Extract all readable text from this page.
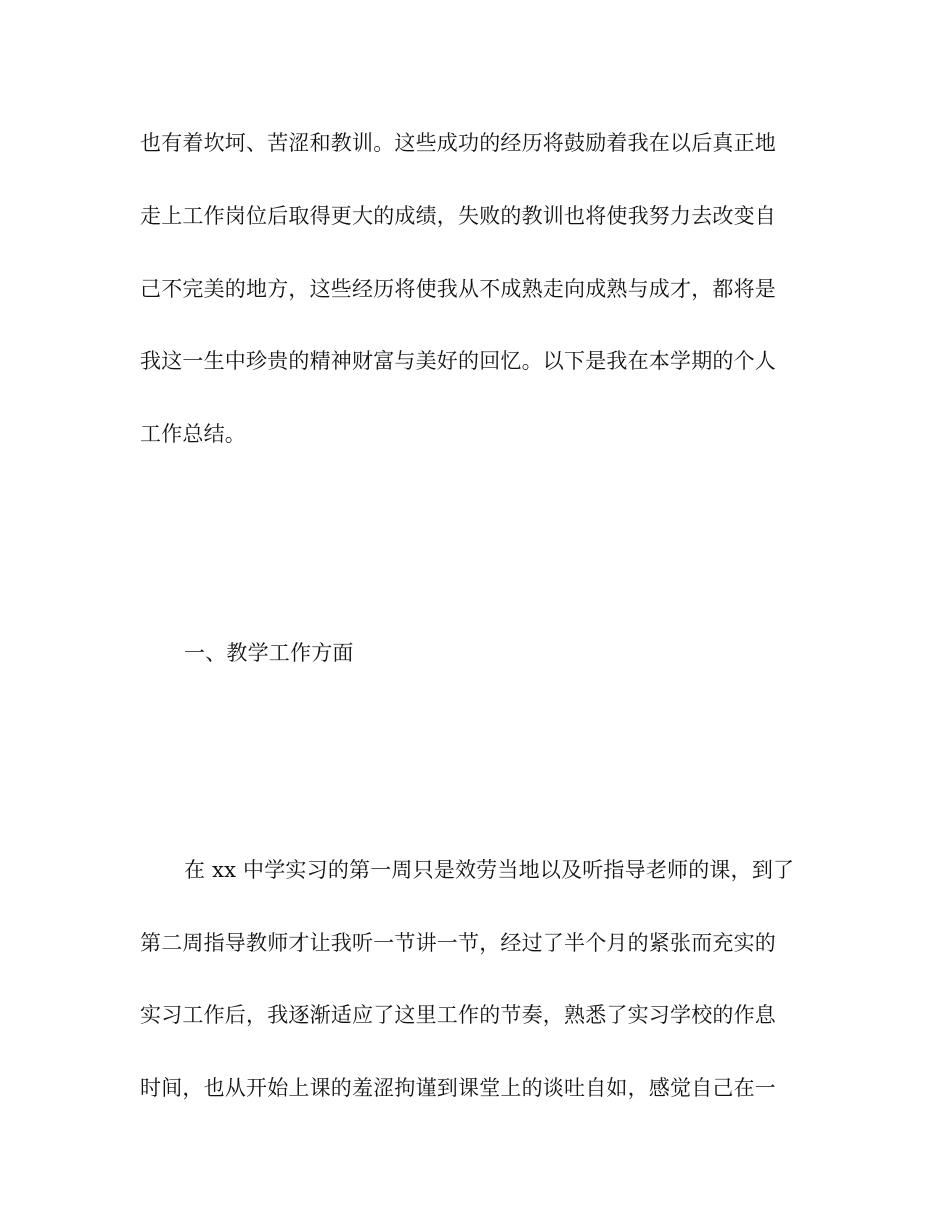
也有着坎坷、苦涩和教训。这些成功的经历将鼓励着我在以后真正地
走上工作岗位后取得更大的成绩，失败的教训也将使我努力去改变自
己不完美的地方，这些经历将使我从不成熟走向成熟与成才，都将是
我这一生中珍贵的精神财富与美好的回忆。以下是我在本学期的个人
工作总结。
一、教学工作方面
在 xx 中学实习的第一周只是效劳当地以及听指导老师的课，到了
第二周指导教师才让我听一节讲一节，经过了半个月的紧张而充实的
实习工作后，我逐渐适应了这里工作的节奏，熟悉了实习学校的作息
时间，也从开始上课的羞涩拘谨到课堂上的谈吐自如，感觉自己在一
